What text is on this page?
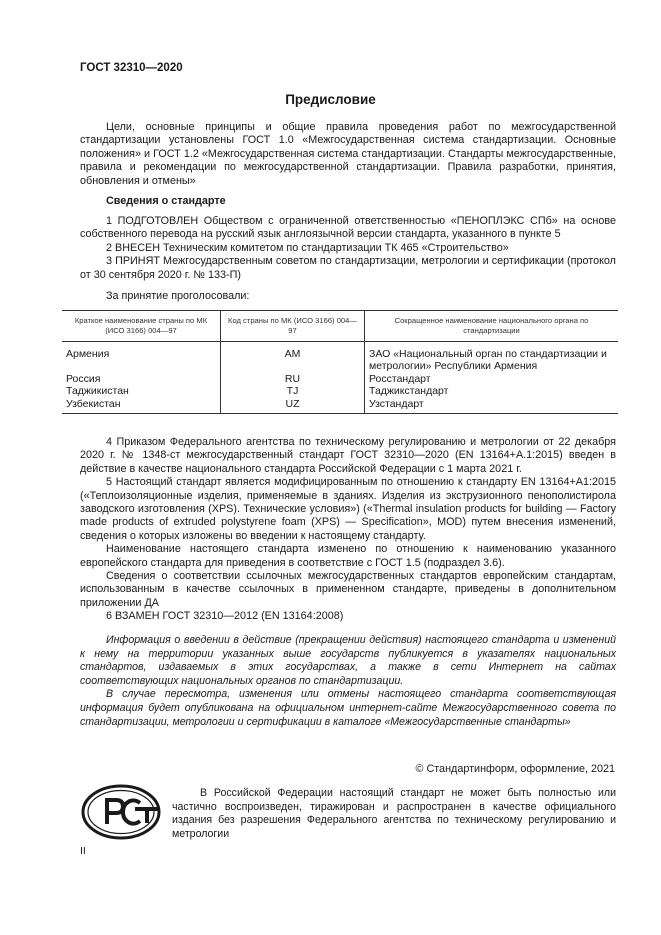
ГОСТ 32310—2020
Предисловие

Цели, основные принципы и общие правила проведения работ по межгосударственной стандартизации установлены ГОСТ 1.0 «Межгосударственная система стандартизации. Основные положения» и ГОСТ 1.2 «Межгосударственная система стандартизации. Стандарты межгосударственные, правила и рекомендации по межгосударственной стандартизации. Правила разработки, принятия, обновления и отмены»

Сведения о стандарте

1 ПОДГОТОВЛЕН Обществом с ограниченной ответственностью «ПЕНОПЛЭКС СПб» на основе собственного перевода на русский язык англоязычной версии стандарта, указанного в пункте 5

2 ВНЕСЕН Техническим комитетом по стандартизации ТК 465 «Строительство»

3 ПРИНЯТ Межгосударственным советом по стандартизации, метрологии и сертификации (протокол от 30 сентября 2020 г. № 133-П)

За принятие проголосовали:
Краткое наименование страны по МК (ИСО 3166) 004—97	Код страны по МК (ИСО 3166) 004—97	Сокращенное наименование национального органа по стандартизации
Армения	AM	ЗАО «Национальный орган по стандартизации и метрологии» Республики Армения
Россия	RU	Росстандарт
Таджикистан	TJ	Таджикстандарт
Узбекистан	UZ	Узстандарт

4 Приказом Федерального агентства по техническому регулированию и метрологии от 22 декабря 2020 г. № 1348-ст межгосударственный стандарт ГОСТ 32310—2020 (EN 13164+A.1:2015) введен в действие в качестве национального стандарта Российской Федерации с 1 марта 2021 г.

5 Настоящий стандарт является модифицированным по отношению к стандарту EN 13164+A1:2015 («Теплоизоляционные изделия, применяемые в зданиях. Изделия из экструзионного пенополистирола заводского изготовления (XPS). Технические условия») («Thermal insulation products for building — Factory made products of extruded polystyrene foam (XPS) — Specification», MOD) путем внесения изменений, сведения о которых изложены во введении к настоящему стандарту.

Наименование настоящего стандарта изменено по отношению к наименованию указанного европейского стандарта для приведения в соответствие с ГОСТ 1.5 (подраздел 3.6).

Сведения о соответствии ссылочных межгосударственных стандартов европейским стандартам, использованным в качестве ссылочных в примененном стандарте, приведены в дополнительном приложении ДА

6 ВЗАМЕН ГОСТ 32310—2012 (EN 13164:2008)

Информация о введении в действие (прекращении действия) настоящего стандарта и изменений к нему на территории указанных выше государств публикуется в указателях национальных стандартов, издаваемых в этих государствах, а также в сети Интернет на сайтах соответствующих национальных органов по стандартизации.

В случае пересмотра, изменения или отмены настоящего стандарта соответствующая информация будет опубликована на официальном интернет-сайте Межгосударственного совета по стандартизации, метрологии и сертификации в каталоге «Межгосударственные стандарты»

© Стандартинформ, оформление, 2021

В Российской Федерации настоящий стандарт не может быть полностью или частично воспроизведен, тиражирован и распространен в качестве официального издания без разрешения Федерального агентства по техническому регулированию и метрологии

II
